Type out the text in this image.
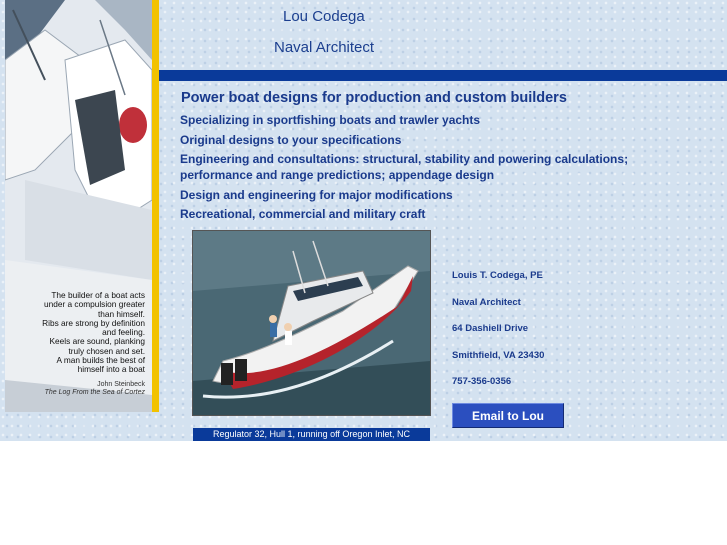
Lou Codega
Naval Architect
Power boat designs for production and custom builders
Specializing in sportfishing boats and trawler yachts
Original designs to your specifications
Engineering and consultations: structural, stability and powering calculations; performance and range predictions; appendage design
Design and engineering for major modifications
Recreational, commercial and military craft
The builder of a boat acts
under a compulsion greater
than himself.
Ribs are strong by definition
and feeling.
Keels are sound, planking
truly chosen and set.
A man builds the best of
himself into a boat
John Steinbeck
The Log From the Sea of Cortez
Regulator 32, Hull 1, running off Oregon Inlet, NC
Louis T. Codega, PE
Naval Architect
64 Dashiell Drive
Smithfield, VA 23430
757-356-0356
Email to Lou
